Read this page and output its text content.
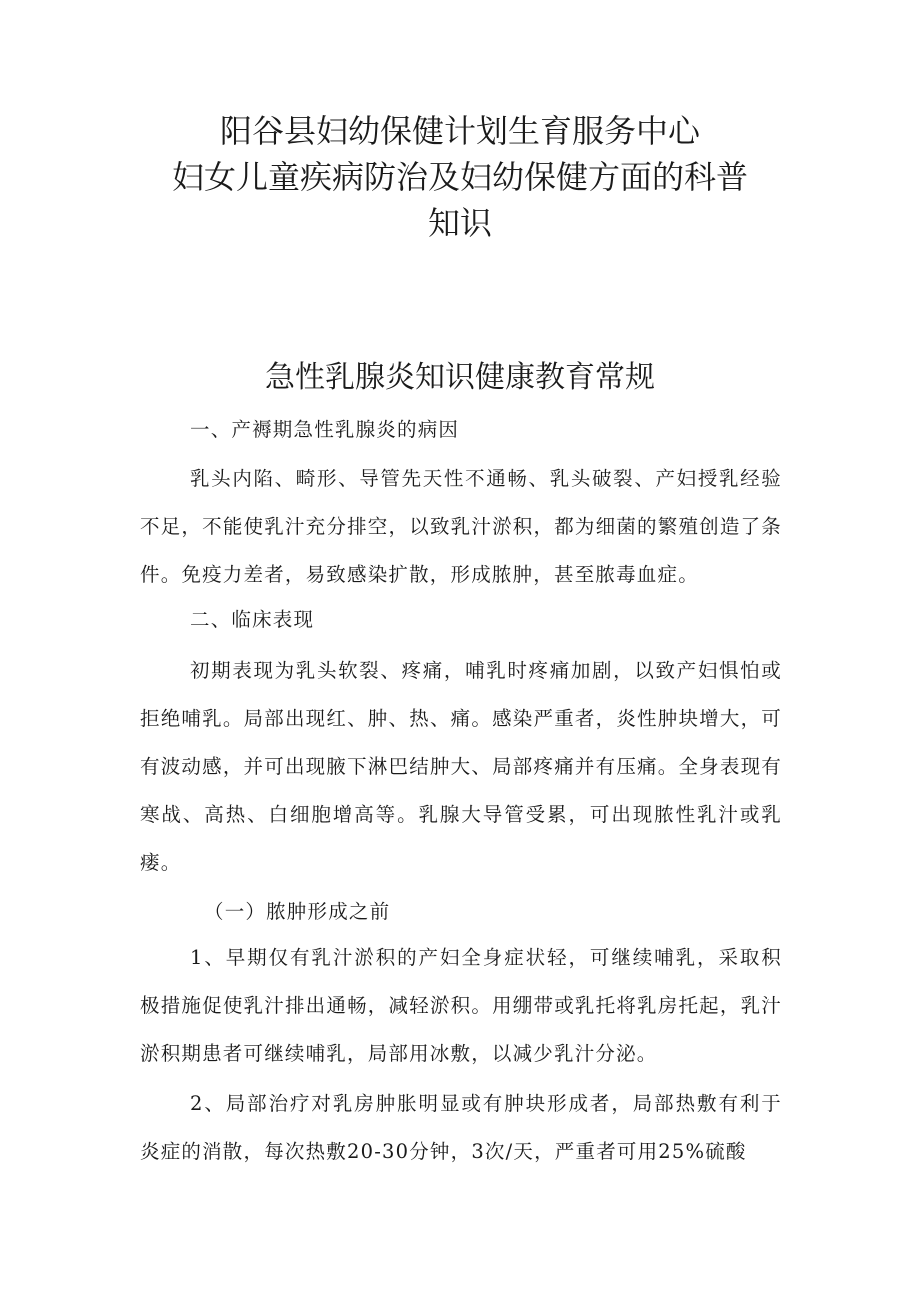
阳谷县妇幼保健计划生育服务中心
妇女儿童疾病防治及妇幼保健方面的科普
知识
急性乳腺炎知识健康教育常规

一、产褥期急性乳腺炎的病因

乳头内陷、畸形、导管先天性不通畅、乳头破裂、产妇授乳经验不足，不能使乳汁充分排空，以致乳汁淤积，都为细菌的繁殖创造了条件。免疫力差者，易致感染扩散，形成脓肿，甚至脓毒血症。

二、临床表现

初期表现为乳头软裂、疼痛，哺乳时疼痛加剧，以致产妇惧怕或拒绝哺乳。局部出现红、肿、热、痛。感染严重者，炎性肿块增大，可有波动感，并可出现腋下淋巴结肿大、局部疼痛并有压痛。全身表现有寒战、高热、白细胞增高等。乳腺大导管受累，可出现脓性乳汁或乳瘘。

（一）脓肿形成之前

1、早期仅有乳汁淤积的产妇全身症状轻，可继续哺乳，采取积极措施促使乳汁排出通畅，减轻淤积。用绷带或乳托将乳房托起，乳汁淤积期患者可继续哺乳，局部用冰敷，以减少乳汁分泌。

2、局部治疗对乳房肿胀明显或有肿块形成者，局部热敷有利于炎症的消散，每次热敷20-30分钟，3次/天，严重者可用25%硫酸
